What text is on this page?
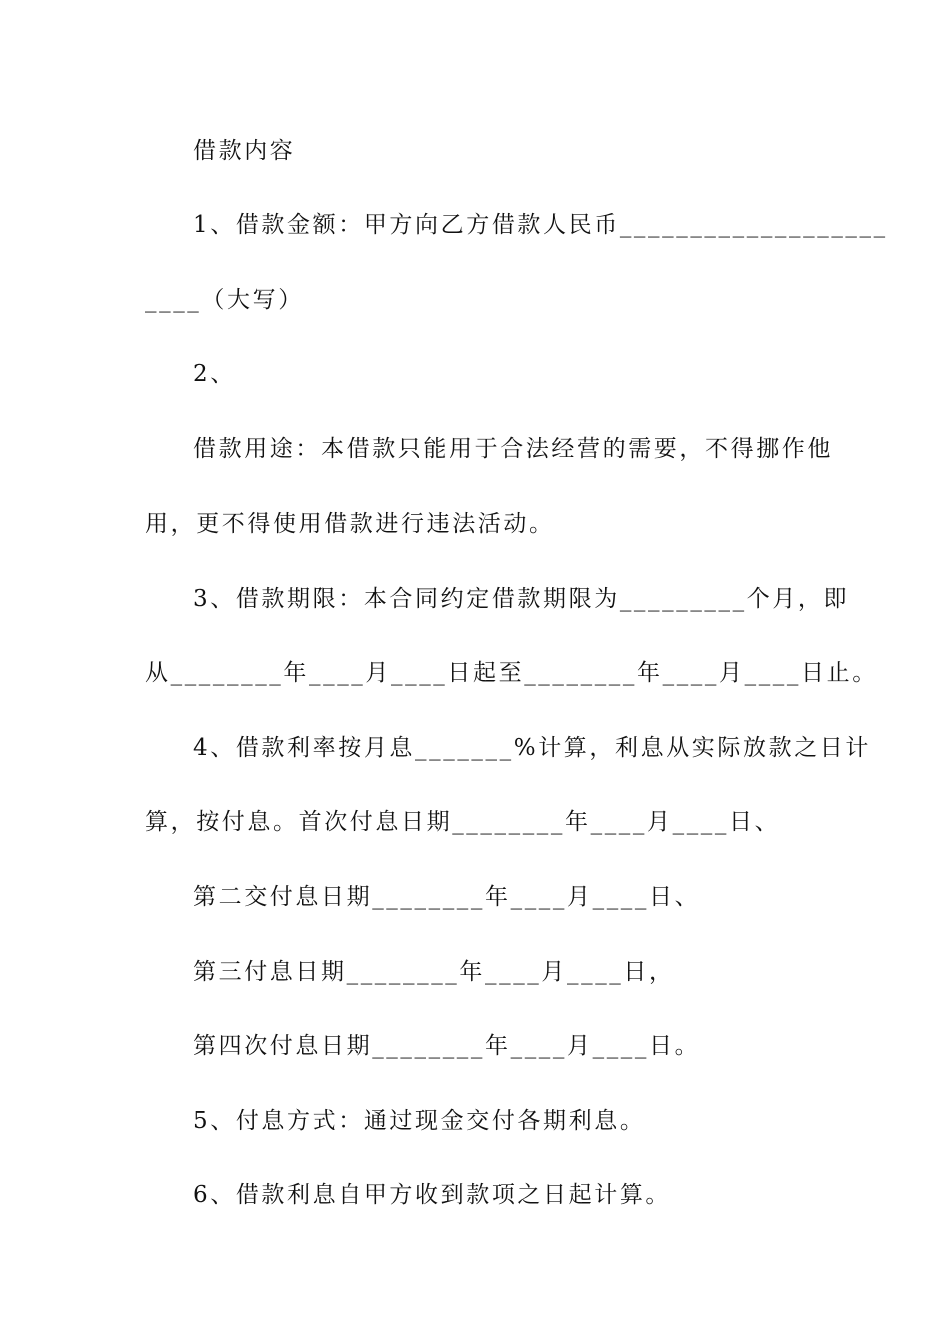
借款内容
1、借款金额：甲方向乙方借款人民币___________________
____（大写）
2、
借款用途：本借款只能用于合法经营的需要，不得挪作他
用，更不得使用借款进行违法活动。
3、借款期限：本合同约定借款期限为_________个月，即
从________年____月____日起至________年____月____日止。
4、借款利率按月息_______%计算，利息从实际放款之日计
算，按付息。首次付息日期________年____月____日、
第二交付息日期________年____月____日、
第三付息日期________年____月____日，
第四次付息日期________年____月____日。
5、付息方式：通过现金交付各期利息。
6、借款利息自甲方收到款项之日起计算。
